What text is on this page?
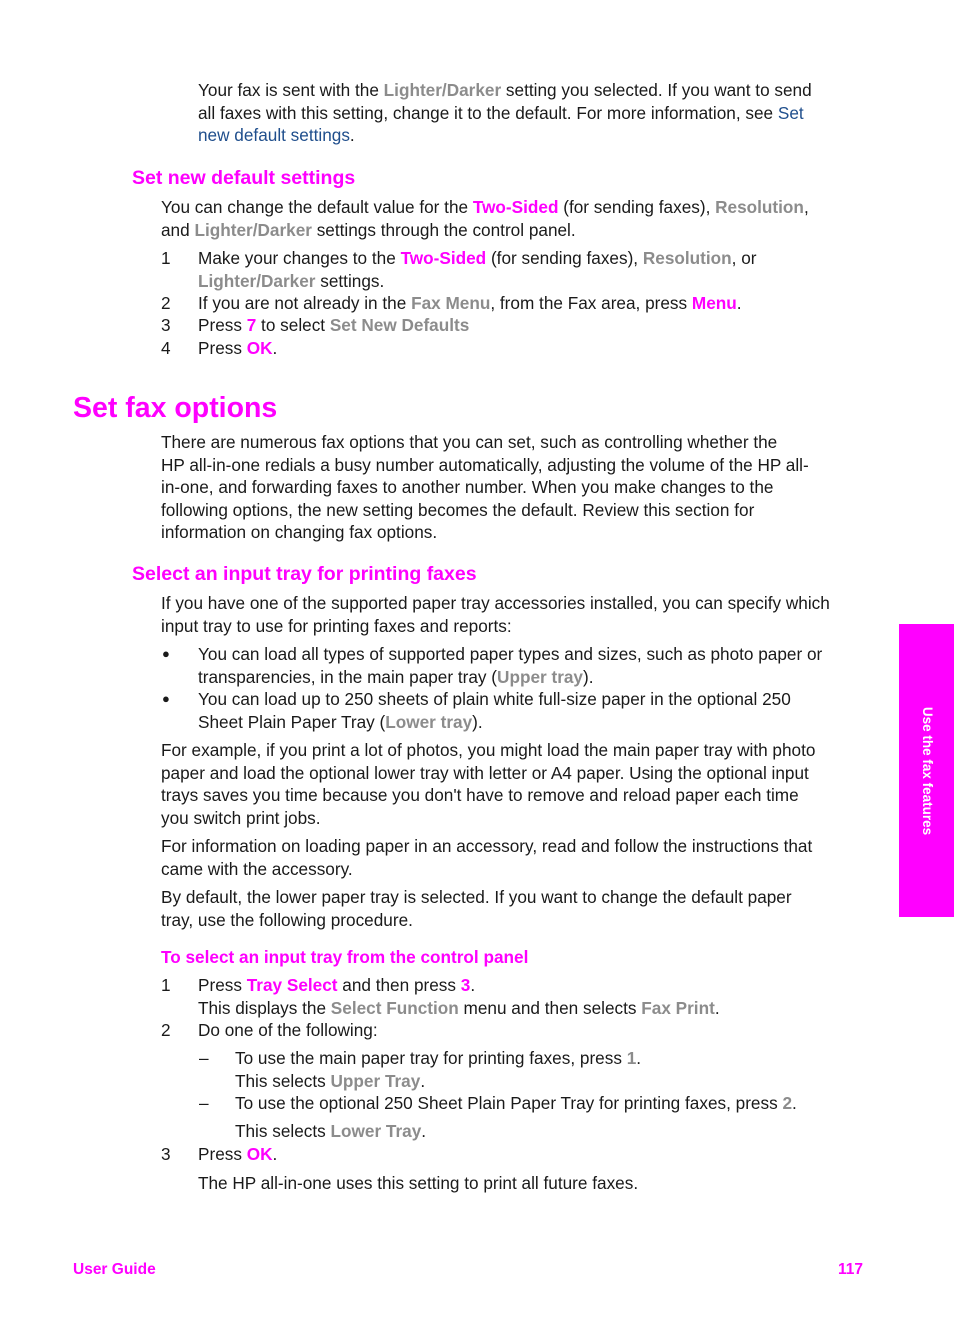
Your fax is sent with the Lighter/Darker setting you selected. If you want to send

all faxes with this setting, change it to the default. For more information, see Set

new default settings.

Set new default settings

You can change the default value for the Two-Sided (for sending faxes), Resolution,

and Lighter/Darker settings through the control panel.

1	Make your changes to the Two-Sided (for sending faxes), Resolution, or

Lighter/Darker settings.

2	If you are not already in the Fax Menu, from the Fax area, press Menu.

3	Press 7 to select Set New Defaults

4	Press OK.

Set fax options

There are numerous fax options that you can set, such as controlling whether the

HP all-in-one redials a busy number automatically, adjusting the volume of the HP all-

in-one, and forwarding faxes to another number. When you make changes to the

following options, the new setting becomes the default. Review this section for

information on changing fax options.

Select an input tray for printing faxes

If you have one of the supported paper tray accessories installed, you can specify which

input tray to use for printing faxes and reports:

● You can load all types of supported paper types and sizes, such as photo paper or

transparencies, in the main paper tray (Upper tray).

● You can load up to 250 sheets of plain white full-size paper in the optional 250

Sheet Plain Paper Tray (Lower tray).

For example, if you print a lot of photos, you might load the main paper tray with photo

paper and load the optional lower tray with letter or A4 paper. Using the optional input

trays saves you time because you don't have to remove and reload paper each time

you switch print jobs.

For information on loading paper in an accessory, read and follow the instructions that

came with the accessory.

By default, the lower paper tray is selected. If you want to change the default paper

tray, use the following procedure.

To select an input tray from the control panel
1	Press Tray Select and then press 3.

This displays the Select Function menu and then selects Fax Print.

2	Do one of the following:
– To use the main paper tray for printing faxes, press 1.

This selects Upper Tray.

– To use the optional 250 Sheet Plain Paper Tray for printing faxes, press 2.

This selects Lower Tray.

3	Press OK.

The HP all-in-one uses this setting to print all future faxes.

Use the fax features
User Guide	117
